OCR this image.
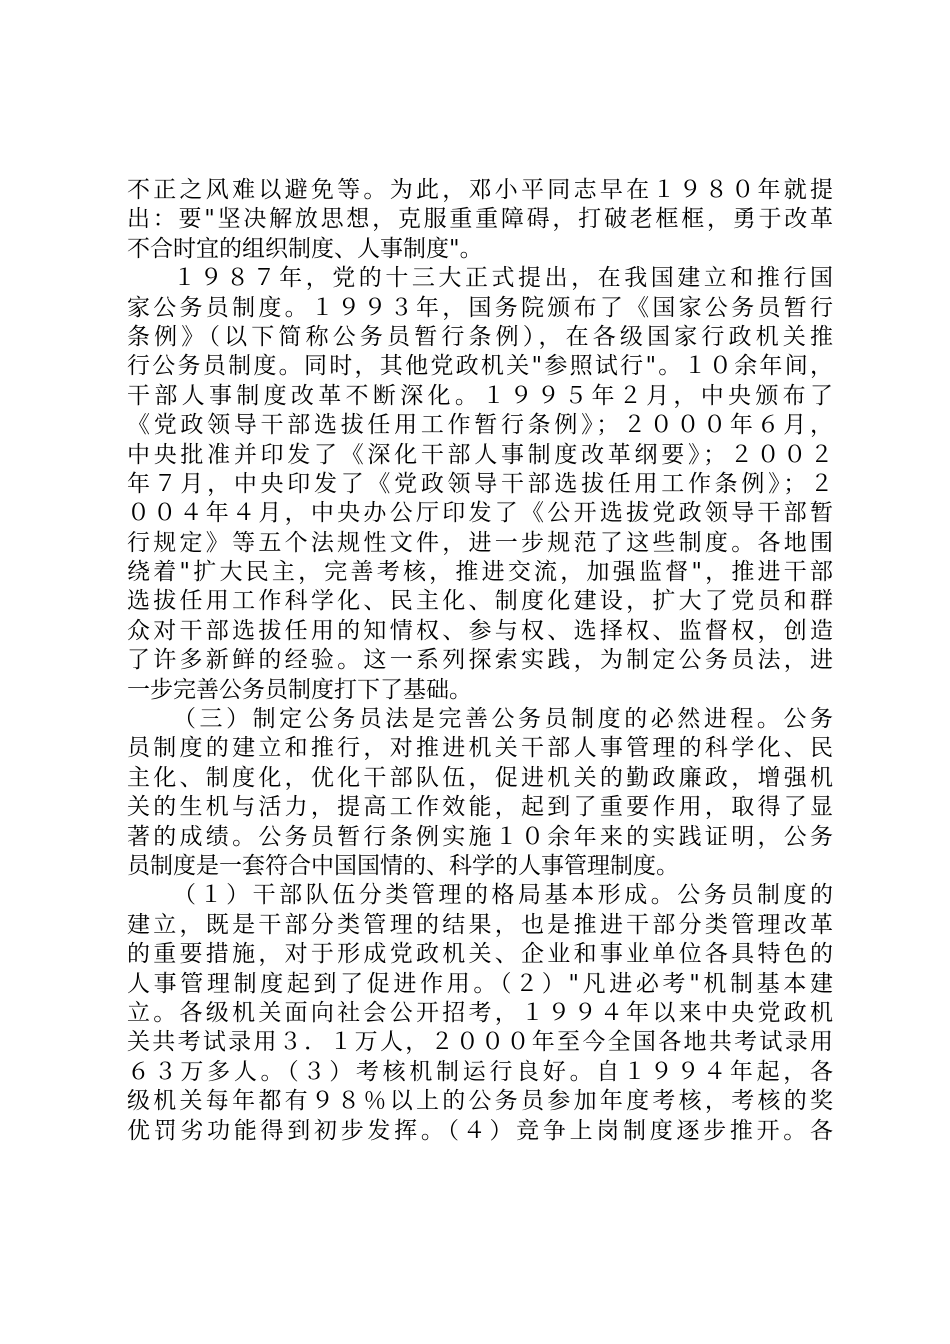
不正之风难以避免等。为此，邓小平同志早在１９８０年就提
出：要"坚决解放思想，克服重重障碍，打破老框框，勇于改革
不合时宜的组织制度、人事制度"。
１９８７年，党的十三大正式提出，在我国建立和推行国
家公务员制度。１９９３年，国务院颁布了《国家公务员暂行
条例》（以下简称公务员暂行条例），在各级国家行政机关推
行公务员制度。同时，其他党政机关"参照试行"。１０余年间，
干部人事制度改革不断深化。１９９５年２月，中央颁布了
《党政领导干部选拔任用工作暂行条例》；２０００年６月，
中央批准并印发了《深化干部人事制度改革纲要》；２００２
年７月，中央印发了《党政领导干部选拔任用工作条例》；２
００４年４月，中央办公厅印发了《公开选拔党政领导干部暂
行规定》等五个法规性文件，进一步规范了这些制度。各地围
绕着"扩大民主，完善考核，推进交流，加强监督"，推进干部
选拔任用工作科学化、民主化、制度化建设，扩大了党员和群
众对干部选拔任用的知情权、参与权、选择权、监督权，创造
了许多新鲜的经验。这一系列探索实践，为制定公务员法，进
一步完善公务员制度打下了基础。
（三）制定公务员法是完善公务员制度的必然进程。公务
员制度的建立和推行，对推进机关干部人事管理的科学化、民
主化、制度化，优化干部队伍，促进机关的勤政廉政，增强机
关的生机与活力，提高工作效能，起到了重要作用，取得了显
著的成绩。公务员暂行条例实施１０余年来的实践证明，公务
员制度是一套符合中国国情的、科学的人事管理制度。
（１）干部队伍分类管理的格局基本形成。公务员制度的
建立，既是干部分类管理的结果，也是推进干部分类管理改革
的重要措施，对于形成党政机关、企业和事业单位各具特色的
人事管理制度起到了促进作用。（２）"凡进必考"机制基本建
立。各级机关面向社会公开招考，１９９４年以来中央党政机
关共考试录用３．１万人，２０００年至今全国各地共考试录用
６３万多人。（３）考核机制运行良好。自１９９４年起，各
级机关每年都有９８％以上的公务员参加年度考核，考核的奖
优罚劣功能得到初步发挥。（４）竞争上岗制度逐步推开。各
